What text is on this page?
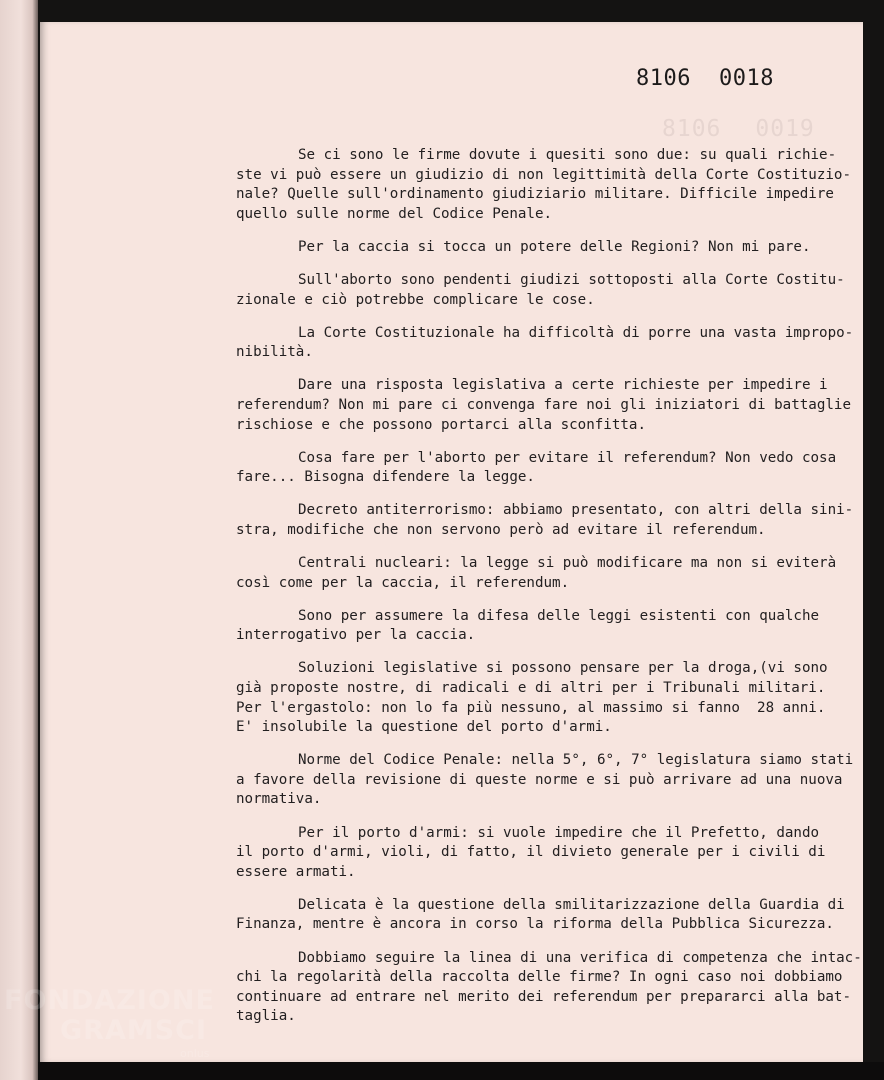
8106 0019
8106 0018
Se ci sono le firme dovute i quesiti sono due: su quali richie-
ste vi può essere un giudizio di non legittimità della Corte Costituzio-
nale? Quelle sull'ordinamento giudiziario militare. Difficile impedire
quello sulle norme del Codice Penale.
Per la caccia si tocca un potere delle Regioni? Non mi pare.
Sull'aborto sono pendenti giudizi sottoposti alla Corte Costitu-
zionale e ciò potrebbe complicare le cose.
La Corte Costituzionale ha difficoltà di porre una vasta impropo-
nibilità.
Dare una risposta legislativa a certe richieste per impedire i
referendum? Non mi pare ci convenga fare noi gli iniziatori di battaglie
rischiose e che possono portarci alla sconfitta.
Cosa fare per l'aborto per evitare il referendum? Non vedo cosa
fare... Bisogna difendere la legge.
Decreto antiterrorismo: abbiamo presentato, con altri della sini-
stra, modifiche che non servono però ad evitare il referendum.
Centrali nucleari: la legge si può modificare ma non si eviterà
così come per la caccia, il referendum.
Sono per assumere la difesa delle leggi esistenti con qualche
interrogativo per la caccia.
Soluzioni legislative si possono pensare per la droga,(vi sono
già proposte nostre, di radicali e di altri per i Tribunali militari.
Per l'ergastolo: non lo fa più nessuno, al massimo si fanno  28 anni.
E' insolubile la questione del porto d'armi.
Norme del Codice Penale: nella 5°, 6°, 7° legislatura siamo stati
a favore della revisione di queste norme e si può arrivare ad una nuova
normativa.
Per il porto d'armi: si vuole impedire che il Prefetto, dando
il porto d'armi, violi, di fatto, il divieto generale per i civili di
essere armati.
Delicata è la questione della smilitarizzazione della Guardia di
Finanza, mentre è ancora in corso la riforma della Pubblica Sicurezza.
Dobbiamo seguire la linea di una verifica di competenza che intac-
chi la regolarità della raccolta delle firme? In ogni caso noi dobbiamo
continuare ad entrare nel merito dei referendum per prepararci alla bat-
taglia.
FONDAZIONE
GRAMSCI
onlus
